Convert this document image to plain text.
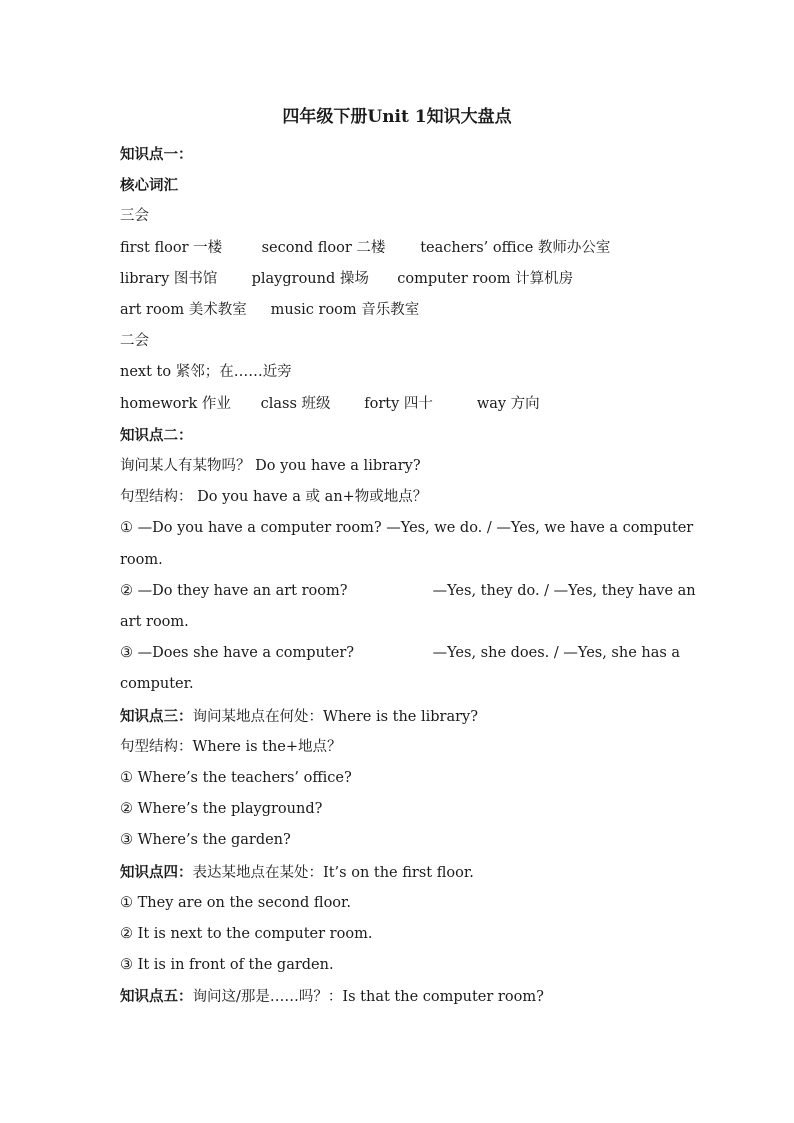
四年级下册Unit 1知识大盘点
知识点一：
核心词汇
三会
first floor 一楼	second floor 二楼 teachers’ office 教师办公室
library 图书馆 playground 操场 computer room 计算机房
art room 美术教室 music room 音乐教室
二会
next to 紧邻；在……近旁
homework 作业 class 班级 forty 四十	way 方向
知识点二：
询问某人有某物吗？ Do you have a library?
句型结构： Do you have a 或 an+物或地点？
① —Do you have a computer room? —Yes, we do. / —Yes, we have a computer
room.
② —Do they have an art room?	—Yes, they do. / —Yes, they have an
art room.
③ —Does she have a computer?	—Yes, she does. / —Yes, she has a
computer.
知识点三：询问某地点在何处：Where is the library?
句型结构：Where is the+地点？
① Where’s the teachers’ office?
② Where’s the playground?
③ Where’s the garden?
知识点四：表达某地点在某处：It’s on the first floor.
① They are on the second floor.
② It is next to the computer room.
③ It is in front of the garden.
知识点五：询问这/那是……吗？：Is that the computer room?
